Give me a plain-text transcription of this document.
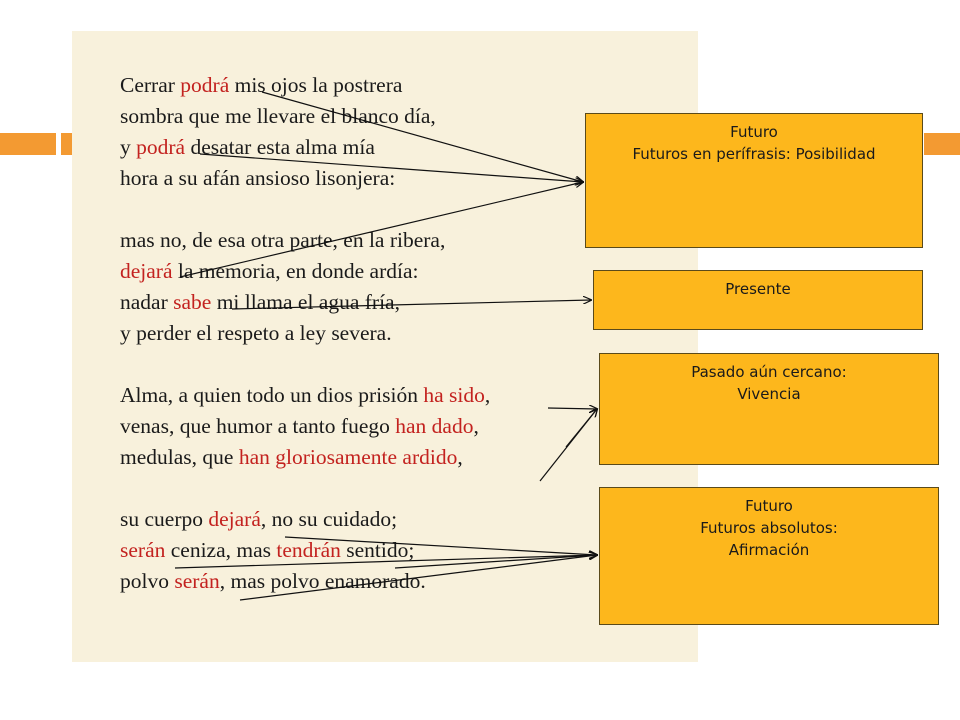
Cerrar podrá mis ojos la postrera
sombra que me llevare el blanco día,
y podrá desatar esta alma mía
hora a su afán ansioso lisonjera:
mas no, de esa otra parte, en la ribera,
dejará la memoria, en donde ardía:
nadar sabe mi llama el agua fría,
y perder el respeto a ley severa.
Alma, a quien todo un dios prisión ha sido,
venas, que humor a tanto fuego han dado,
medulas, que han gloriosamente ardido,
su cuerpo dejará, no su cuidado;
serán ceniza, mas tendrán sentido;
polvo serán, mas polvo enamorado.
Futuro
Futuros en perífrasis: Posibilidad
Presente
Pasado aún cercano:
Vivencia
Futuro
Futuros absolutos:
Afirmación
